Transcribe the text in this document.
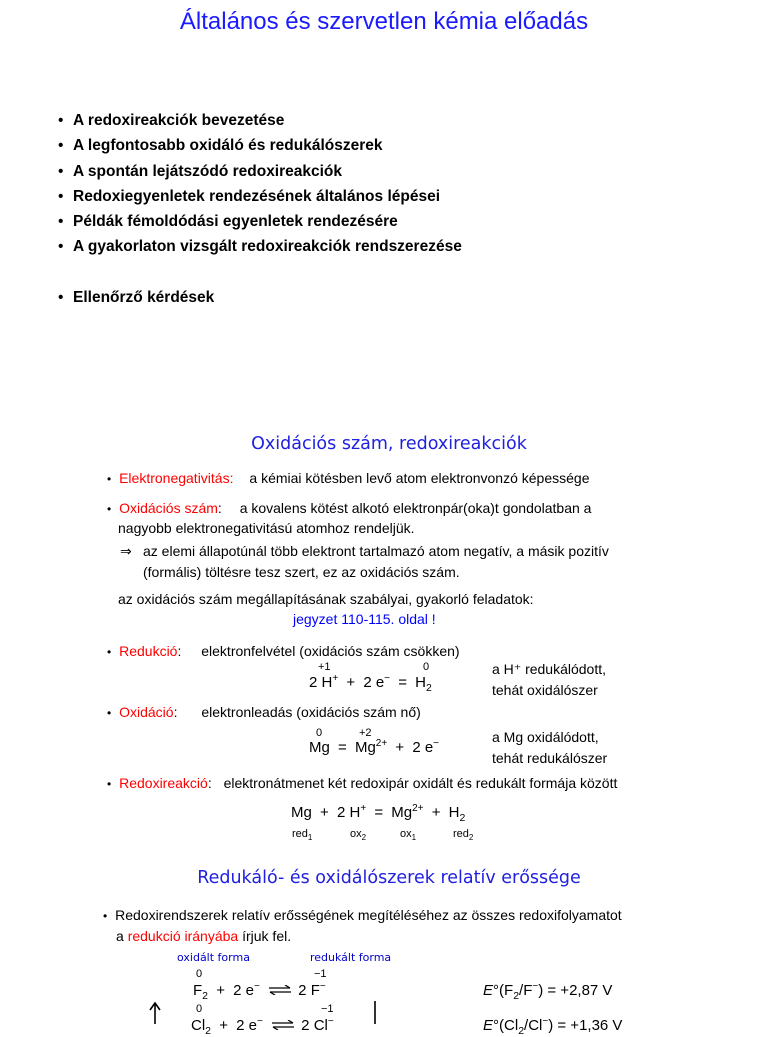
Általános és szervetlen kémia előadás
• A redoxireakciók bevezetése
• A legfontosabb oxidáló és redukálószerek
• A spontán lejátszódó redoxireakciók
• Redoxiegyenletek rendezésének általános lépései
• Példák fémoldódási egyenletek rendezésére
• A gyakorlaton vizsgált redoxireakciók rendszerezése
• Ellenőrző kérdések
Oxidációs szám, redoxireakciók
• Elektronegativitás: a kémiai kötésben levő atom elektronvonzó képessége
• Oxidációs szám: a kovalens kötést alkotó elektronpár(oka)t gondolatban a
nagyobb elektronegativitású atomhoz rendeljük.
⇒ az elemi állapotúnál több elektront tartalmazó atom negatív, a másik pozitív
(formális) töltésre tesz szert, ez az oxidációs szám.
az oxidációs szám megállapításának szabályai, gyakorló feladatok:
jegyzet 110-115. oldal !
• Redukció: elektronfelvétel (oxidációs szám csökken)
+1	0
2 H+ + 2 $e^- = H_2$
a H⁺ redukálódott,
tehát oxidálószer
• Oxidáció: elektronleadás (oxidációs szám nő)
0	+2
$Mg = Mg^{2+} + 2$ e−	a Mg oxidálódott,
tehát redukálószer
• Redoxireakció: elektronátmenet két redoxipár oxidált és redukált formája között
Mg + 2 $H^+ = Mg^{2+} + H_2$
red$_1$	$ox_2$	$ox_1$	red$_2$
Redukáló- és oxidálószerek relatív erőssége
• Redoxirendszerek relatív erősségének megítéléséhez az összes redoxifolyamatot
a redukció irányába írjuk fel.
oxidált forma	redukált forma
0	−1
$F_2 + 2$ e− ⇌ 2 F−	$E^\circ(F_2/F^-) = +2,87$ V
0	−1
$Cl_2 + 2$ e− ⇌ 2 Cl−	$E^\circ(Cl_2/Cl^-) = +1,36$ V
